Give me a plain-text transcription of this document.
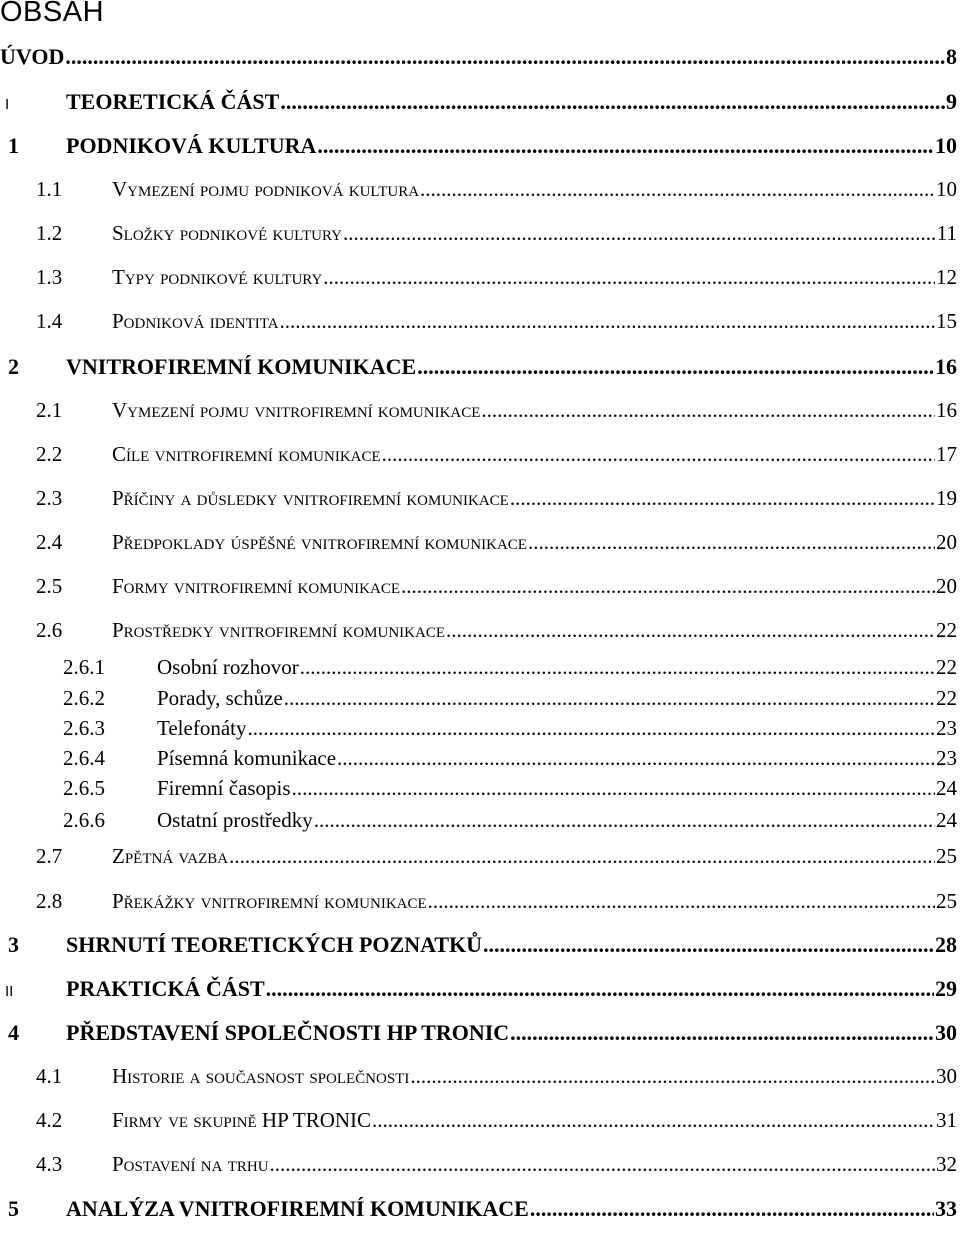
OBSAH
ÚVOD .....	8
I	TEORETICKÁ ČÁST .....	9
1	PODNIKOVÁ KULTURA .....	10
1.1	Vymezení pojmu podniková kultura .....	10
1.2	Složky podnikové kultury .....	11
1.3	Typy podnikové kultury .....	12
1.4	Podniková identita .....	15
2	VNITROFIREMNÍ KOMUNIKACE .....	16
2.1	Vymezení pojmu vnitrofiremní komunikace .....	16
2.2	Cíle vnitrofiremní komunikace .....	17
2.3	Příčiny a důsledky vnitrofiremní komunikace .....	19
2.4	Předpoklady úspěšné vnitrofiremní komunikace .....	20
2.5	Formy vnitrofiremní komunikace .....	20
2.6	Prostředky vnitrofiremní komunikace .....	22
2.6.1	Osobní rozhovor .....	22
2.6.2	Porady, schůze .....	22
2.6.3	Telefonáty .....	23
2.6.4	Písemná komunikace .....	23
2.6.5	Firemní časopis .....	24
2.6.6	Ostatní prostředky .....	24
2.7	Zpětná vazba .....	25
2.8	Překážky vnitrofiremní komunikace .....	25
3	SHRNUTÍ TEORETICKÝCH POZNATKŮ .....	28
II	PRAKTICKÁ ČÁST .....	29
4	PŘEDSTAVENÍ SPOLEČNOSTI HP TRONIC .....	30
4.1	Historie a současnost společnosti .....	30
4.2	Firmy ve skupině HP TRONIC .....	31
4.3	Postavení na trhu .....	32
5	ANALÝZA VNITROFIREMNÍ KOMUNIKACE .....	33
